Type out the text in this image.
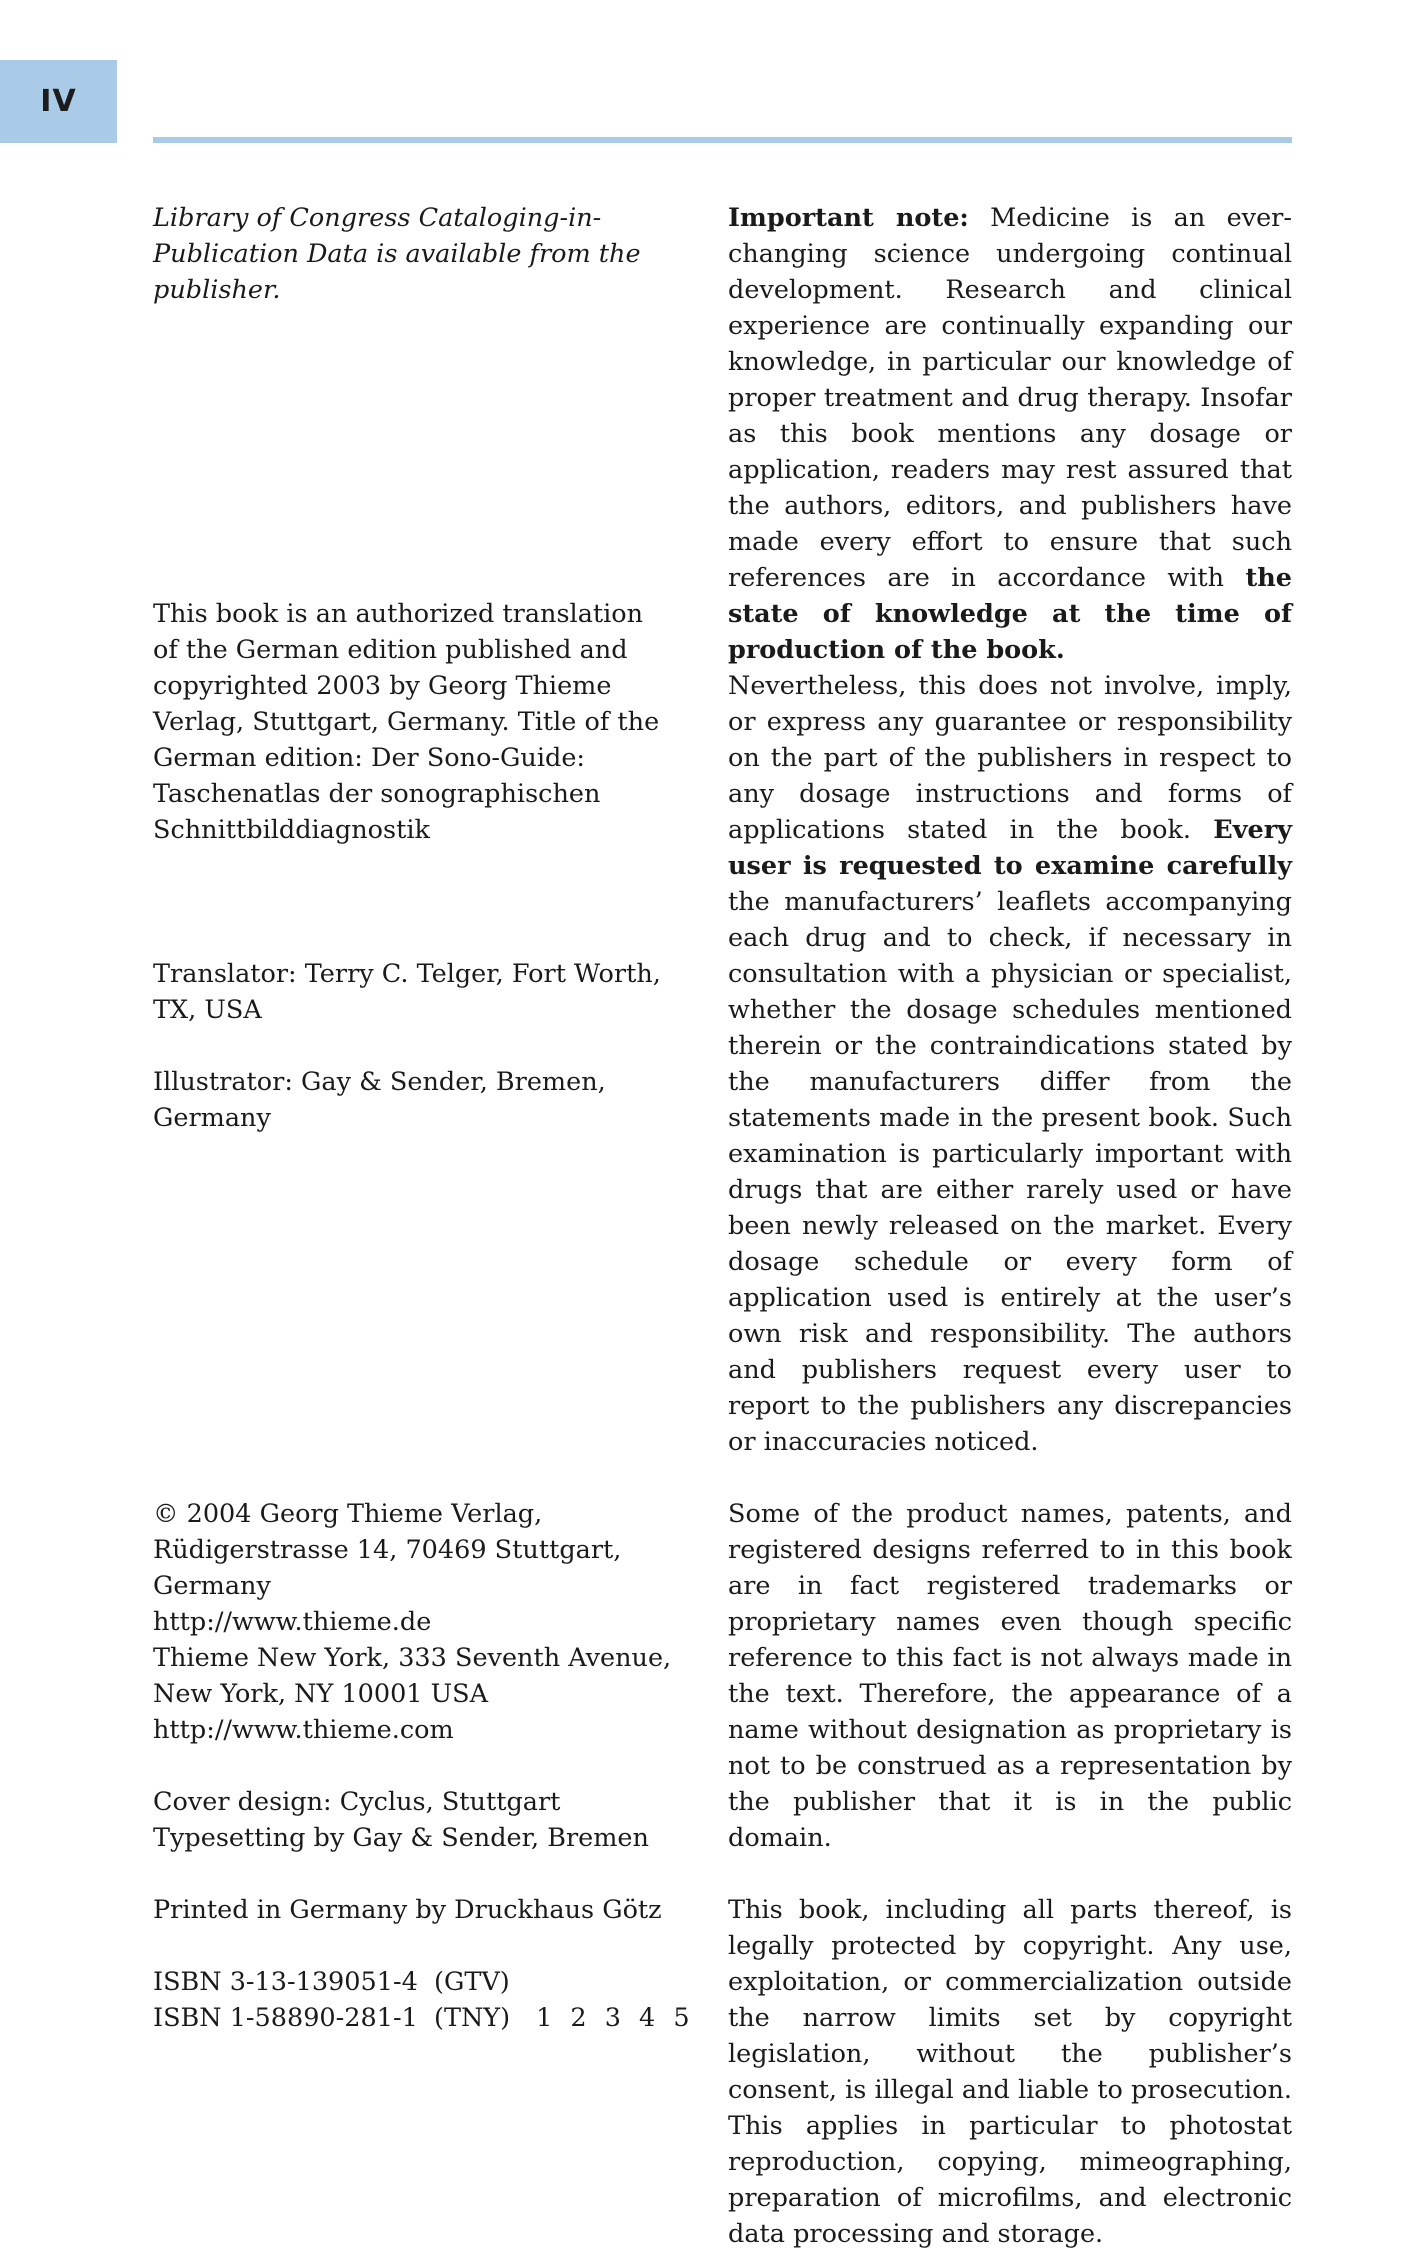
IV

Library of Congress Cataloging-in-Publication Data is available from the publisher.

This book is an authorized translation of the German edition published and copyrighted 2003 by Georg Thieme Verlag, Stuttgart, Germany. Title of the German edition: Der Sono-Guide: Taschenatlas der sonographischen Schnittbilddiagnostik

Translator: Terry C. Telger, Fort Worth, TX, USA

Illustrator: Gay & Sender, Bremen, Germany

© 2004 Georg Thieme Verlag,

Rüdigerstrasse 14, 70469 Stuttgart,

Germany

http://www.thieme.de

Thieme New York, 333 Seventh Avenue,

New York, NY 10001 USA

http://www.thieme.com

Cover design: Cyclus, Stuttgart

Typesetting by Gay & Sender, Bremen

Printed in Germany by Druckhaus Götz

ISBN 3-13-139051-4  (GTV)

ISBN 1-58890-281-1  (TNY) 1 2 3 4 5

Important note: Medicine is an ever-changing science undergoing continual development. Research and clinical experience are continually expanding our knowledge, in particular our knowledge of proper treatment and drug therapy. Insofar as this book mentions any dosage or application, readers may rest assured that the authors, editors, and publishers have made every effort to ensure that such references are in accordance with the state of knowledge at the time of production of the book.

Nevertheless, this does not involve, imply, or express any guarantee or responsibility on the part of the publishers in respect to any dosage instructions and forms of applications stated in the book. Every user is requested to examine carefully the manufacturers’ leaflets accompanying each drug and to check, if necessary in consultation with a physician or specialist, whether the dosage schedules mentioned therein or the contraindications stated by the manufacturers differ from the statements made in the present book. Such examination is particularly important with drugs that are either rarely used or have been newly released on the market. Every dosage schedule or every form of application used is entirely at the user’s own risk and responsibility. The authors and publishers request every user to report to the publishers any discrepancies or inaccuracies noticed.

Some of the product names, patents, and registered designs referred to in this book are in fact registered trademarks or proprietary names even though specific reference to this fact is not always made in the text. Therefore, the appearance of a name without designation as proprietary is not to be construed as a representation by the publisher that it is in the public domain.

This book, including all parts thereof, is legally protected by copyright. Any use, exploitation, or commercialization outside the narrow limits set by copyright legislation, without the publisher’s consent, is illegal and liable to prosecution. This applies in particular to photostat reproduction, copying, mimeographing, preparation of microfilms, and electronic data processing and storage.
